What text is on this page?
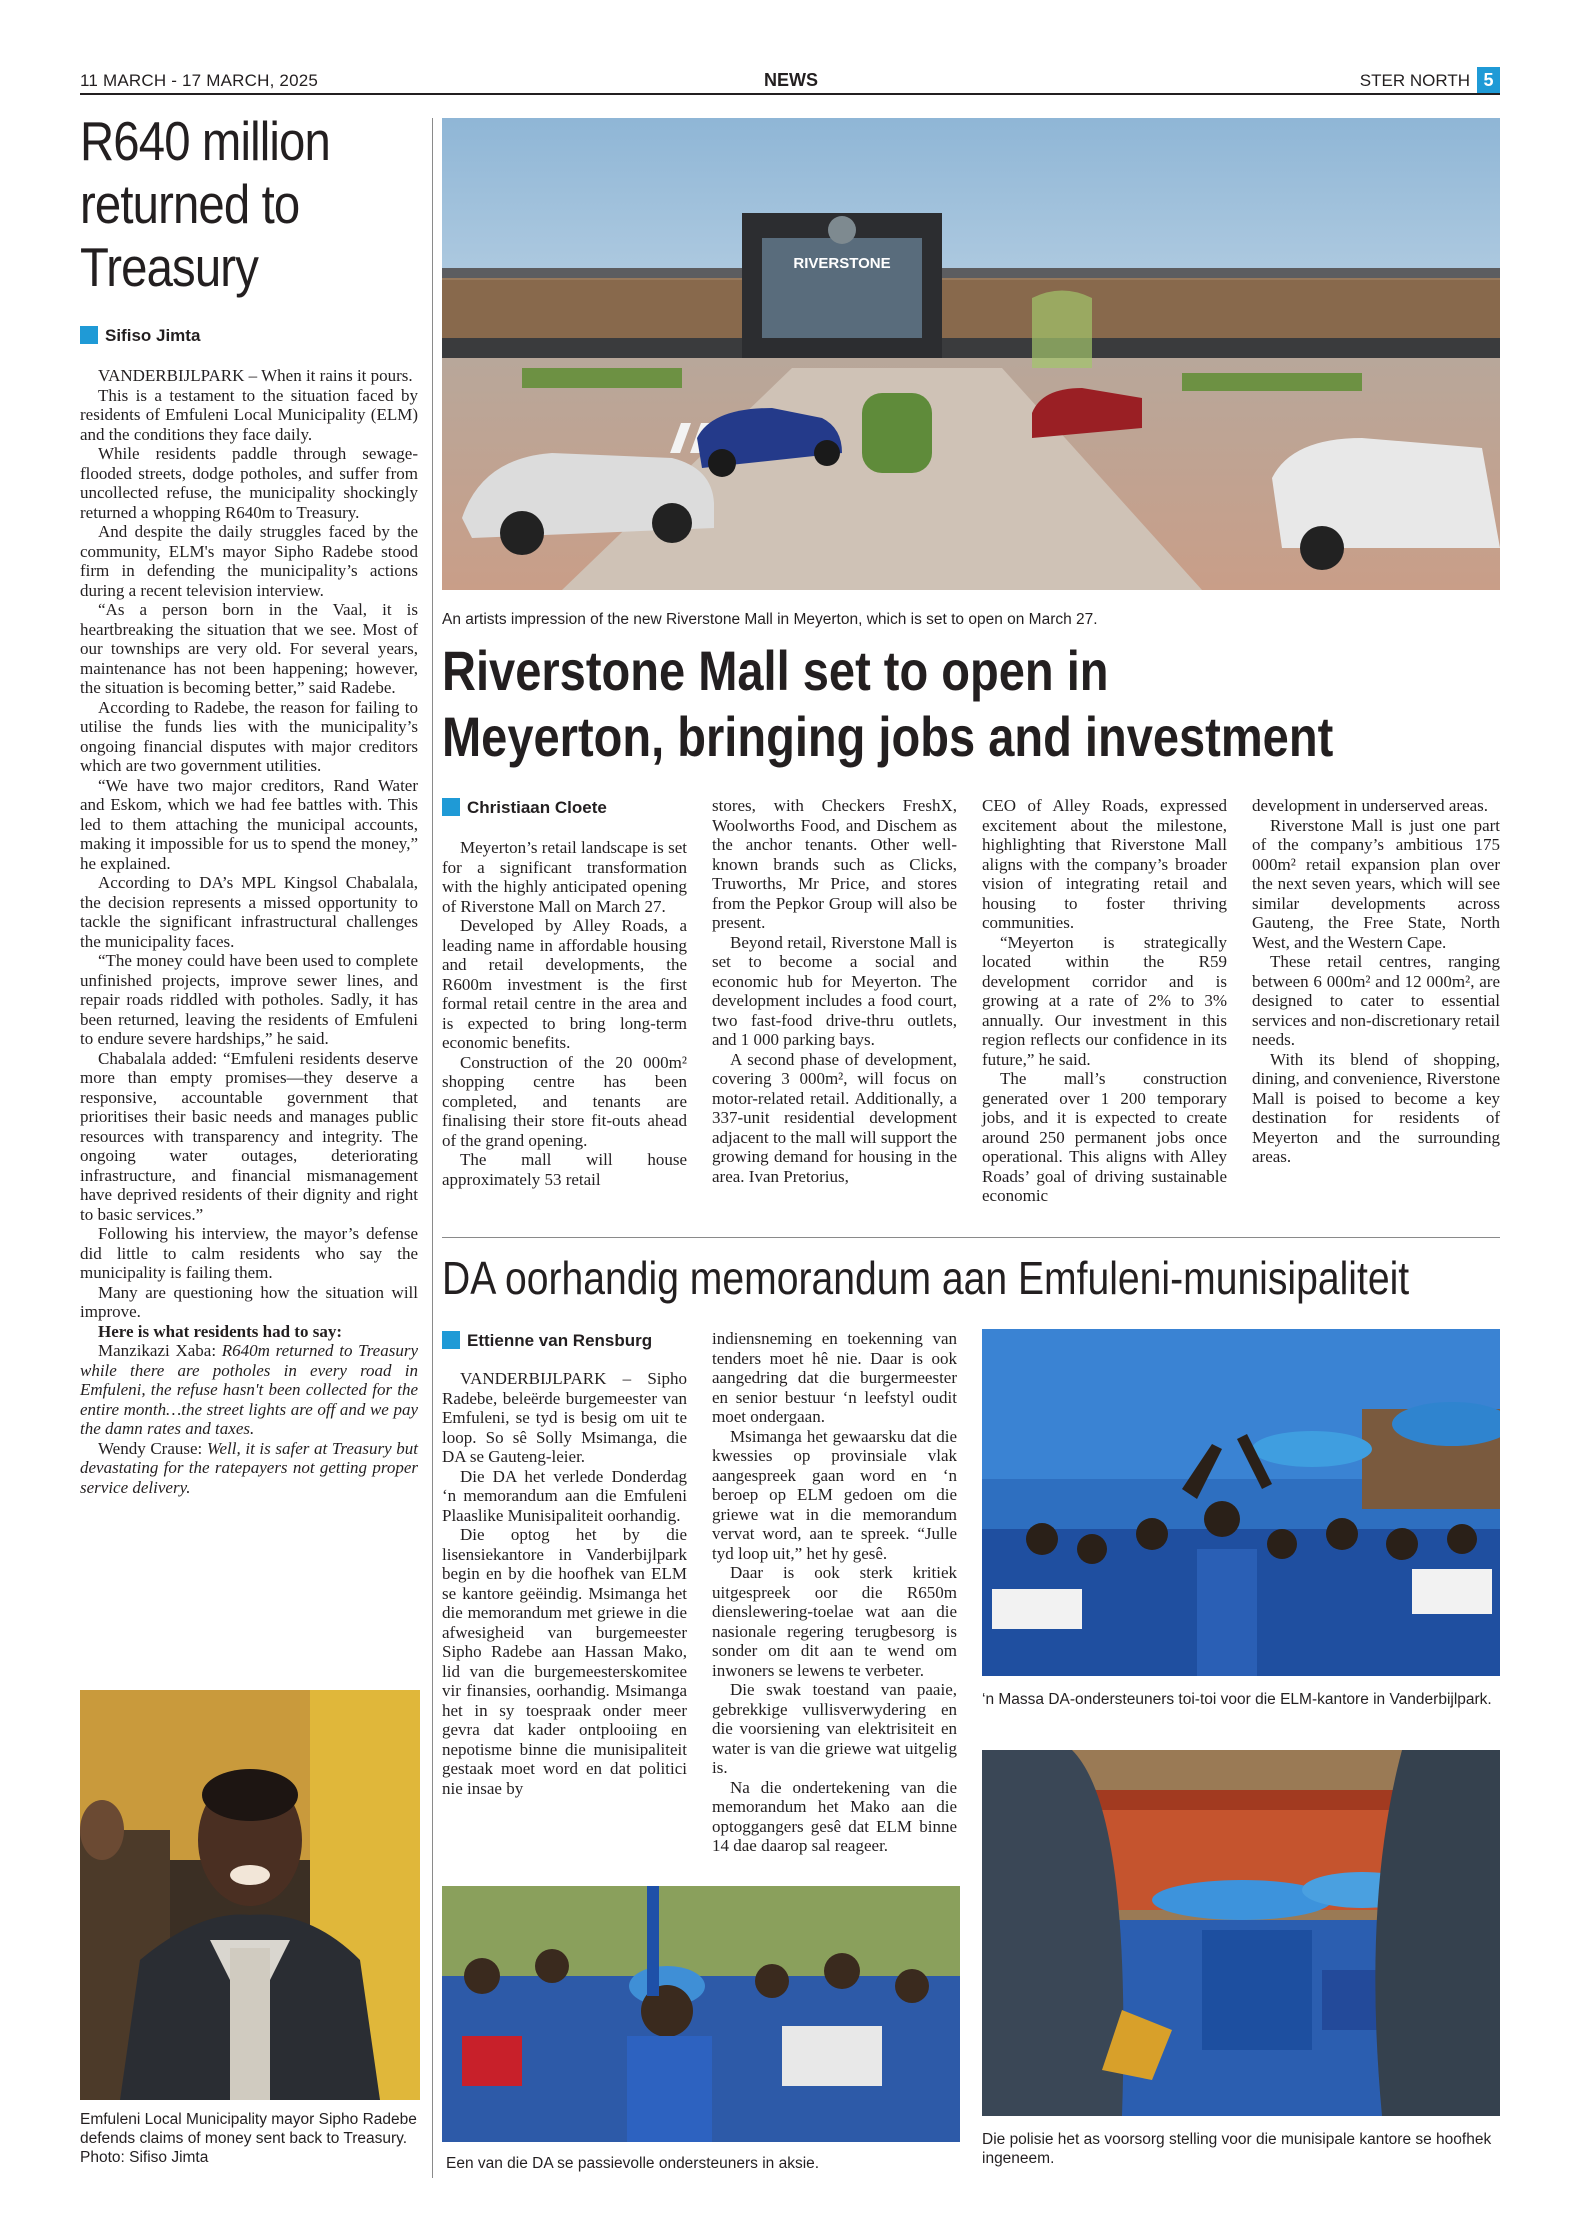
11 MARCH - 17 MARCH, 2025	NEWS	STER NORTH 5
R640 million
returned to
Treasury
Sifiso Jimta

VANDERBIJLPARK – When it rains it pours.

This is a testament to the situation faced by residents of Emfuleni Local Municipality (ELM) and the conditions they face daily.

While residents paddle through sewage-flooded streets, dodge potholes, and suffer from uncollected refuse, the municipality shockingly returned a whopping R640m to Treasury.

And despite the daily struggles faced by the community, ELM's mayor Sipho Radebe stood firm in defending the municipality’s actions during a recent television interview.

“As a person born in the Vaal, it is heartbreaking the situation that we see. Most of our townships are very old. For several years, maintenance has not been happening; however, the situation is becoming better,” said Radebe.

According to Radebe, the reason for failing to utilise the funds lies with the municipality’s ongoing financial disputes with major creditors which are two government utilities.

“We have two major creditors, Rand Water and Eskom, which we had fee battles with. This led to them attaching the municipal accounts, making it impossible for us to spend the money,” he explained.

According to DA’s MPL Kingsol Chabalala, the decision represents a missed opportunity to tackle the significant infrastructural challenges the municipality faces.

“The money could have been used to complete unfinished projects, improve sewer lines, and repair roads riddled with potholes. Sadly, it has been returned, leaving the residents of Emfuleni to endure severe hardships,” he said.

Chabalala added: “Emfuleni residents deserve more than empty promises—they deserve a responsive, accountable government that prioritises their basic needs and manages public resources with transparency and integrity. The ongoing water outages, deteriorating infrastructure, and financial mismanagement have deprived residents of their dignity and right to basic services.”

Following his interview, the mayor’s defense did little to calm residents who say the municipality is failing them.

Many are questioning how the situation will improve.

Here is what residents had to say:

Manzikazi Xaba: R640m returned to Treasury while there are potholes in every road in Emfuleni, the refuse hasn't been collected for the entire month…the street lights are off and we pay the damn rates and taxes.

Wendy Crause: Well, it is safer at Treasury but devastating for the ratepayers not getting proper service delivery.

Emfuleni Local Municipality mayor Sipho Radebe defends claims of money sent back to Treasury. Photo: Sifiso Jimta
RIVERSTONE
An artists impression of the new Riverstone Mall in Meyerton, which is set to open on March 27.
Riverstone Mall set to open in
Meyerton, bringing jobs and investment
Christiaan Cloete

Meyerton’s retail landscape is set for a significant transformation with the highly anticipated opening of Riverstone Mall on March 27.

Developed by Alley Roads, a leading name in affordable housing and retail developments, the R600m investment is the first formal retail centre in the area and is expected to bring long-term economic benefits.

Construction of the 20 000m² shopping centre has been completed, and tenants are finalising their store fit-outs ahead of the grand opening.

The mall will house approximately 53 retail

stores, with Checkers FreshX, Woolworths Food, and Dischem as the anchor tenants. Other well-known brands such as Clicks, Truworths, Mr Price, and stores from the Pepkor Group will also be present.

Beyond retail, Riverstone Mall is set to become a social and economic hub for Meyerton. The development includes a food court, two fast-food drive-thru outlets, and 1 000 parking bays.

A second phase of development, covering 3 000m², will focus on motor-related retail. Additionally, a 337-unit residential development adjacent to the mall will support the growing demand for housing in the area. Ivan Pretorius,

CEO of Alley Roads, expressed excitement about the milestone, highlighting that Riverstone Mall aligns with the company’s broader vision of integrating retail and housing to foster thriving communities.

“Meyerton is strategically located within the R59 development corridor and is growing at a rate of 2% to 3% annually. Our investment in this region reflects our confidence in its future,” he said.

The mall’s construction generated over 1 200 temporary jobs, and it is expected to create around 250 permanent jobs once operational. This aligns with Alley Roads’ goal of driving sustainable economic

development in underserved areas.

Riverstone Mall is just one part of the company’s ambitious 175 000m² retail expansion plan over the next seven years, which will see similar developments across Gauteng, the Free State, North West, and the Western Cape.

These retail centres, ranging between 6 000m² and 12 000m², are designed to cater to essential services and non-discretionary retail needs.

With its blend of shopping, dining, and convenience, Riverstone Mall is poised to become a key destination for residents of Meyerton and the surrounding areas.

DA oorhandig memorandum aan Emfuleni-munisipaliteit
Ettienne van Rensburg

VANDERBIJLPARK – Sipho Radebe, beleërde burgemeester van Emfuleni, se tyd is besig om uit te loop. So sê Solly Msimanga, die DA se Gauteng-leier.

Die DA het verlede Donderdag ‘n memorandum aan die Emfuleni Plaaslike Munisipaliteit oorhandig.

Die optog het by die lisensiekantore in Vanderbijlpark begin en by die hoofhek van ELM se kantore geëindig. Msimanga het die memorandum met griewe in die afwesigheid van burgemeester Sipho Radebe aan Hassan Mako, lid van die burgemeesterskomitee vir finansies, oorhandig. Msimanga het in sy toespraak onder meer gevra dat kader ontplooiing en nepotisme binne die munisipaliteit gestaak moet word en dat politici nie insae by

indiensneming en toekenning van tenders moet hê nie. Daar is ook aangedring dat die burgermeester en senior bestuur ‘n leefstyl oudit moet ondergaan.

Msimanga het gewaarsku dat die kwessies op provinsiale vlak aangespreek gaan word en ‘n beroep op ELM gedoen om die griewe wat in die memorandum vervat word, aan te spreek. “Julle tyd loop uit,” het hy gesê.

Daar is ook sterk kritiek uitgespreek oor die R650m dienslewering-toelae wat aan die nasionale regering terugbesorg is sonder om dit aan te wend om inwoners se lewens te verbeter.

Die swak toestand van paaie, gebrekkige vullisverwydering en die voorsiening van elektrisiteit en water is van die griewe wat uitgelig is.

Na die ondertekening van die memorandum het Mako aan die optoggangers gesê dat ELM binne 14 dae daarop sal reageer.

‘n Massa DA-ondersteuners toi-toi voor die ELM-kantore in Vanderbijlpark.
Een van die DA se passievolle ondersteuners in aksie.
Die polisie het as voorsorg stelling voor die munisipale kantore se hoofhek ingeneem.
